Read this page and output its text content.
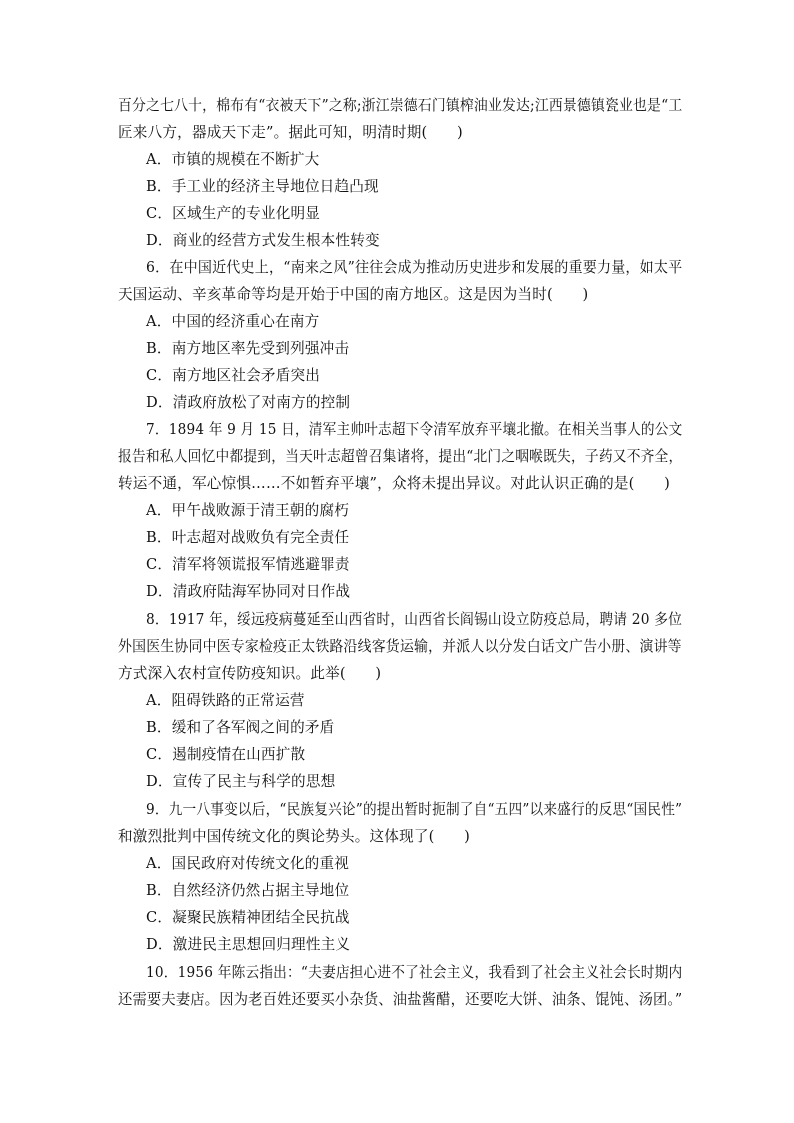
百分之七八十，棉布有“衣被天下”之称;浙江崇德石门镇榨油业发达;江西景德镇瓷业也是“工
匠来八方，器成天下走”。据此可知，明清时期(　　)
A．市镇的规模在不断扩大
B．手工业的经济主导地位日趋凸现
C．区域生产的专业化明显
D．商业的经营方式发生根本性转变
6．在中国近代史上，“南来之风”往往会成为推动历史进步和发展的重要力量，如太平
天国运动、辛亥革命等均是开始于中国的南方地区。这是因为当时(　　)
A．中国的经济重心在南方
B．南方地区率先受到列强冲击
C．南方地区社会矛盾突出
D．清政府放松了对南方的控制
7．1894 年 9 月 15 日，清军主帅叶志超下令清军放弃平壤北撤。在相关当事人的公文
报告和私人回忆中都提到，当天叶志超曾召集诸将，提出“北门之咽喉既失，子药又不齐全，
转运不通，军心惊惧……不如暂弃平壤”，众将未提出异议。对此认识正确的是(　　)
A．甲午战败源于清王朝的腐朽
B．叶志超对战败负有完全责任
C．清军将领谎报军情逃避罪责
D．清政府陆海军协同对日作战
8．1917 年，绥远疫病蔓延至山西省时，山西省长阎锡山设立防疫总局，聘请 20 多位
外国医生协同中医专家检疫正太铁路沿线客货运输，并派人以分发白话文广告小册、演讲等
方式深入农村宣传防疫知识。此举(　　)
A．阻碍铁路的正常运营
B．缓和了各军阀之间的矛盾
C．遏制疫情在山西扩散
D．宣传了民主与科学的思想
9．九一八事变以后，“民族复兴论”的提出暂时扼制了自“五四”以来盛行的反思“国民性”
和激烈批判中国传统文化的舆论势头。这体现了(　　)
A．国民政府对传统文化的重视
B．自然经济仍然占据主导地位
C．凝聚民族精神团结全民抗战
D．激进民主思想回归理性主义
10．1956 年陈云指出：“夫妻店担心进不了社会主义，我看到了社会主义社会长时期内
还需要夫妻店。因为老百姓还要买小杂货、油盐酱醋，还要吃大饼、油条、馄饨、汤团。”
